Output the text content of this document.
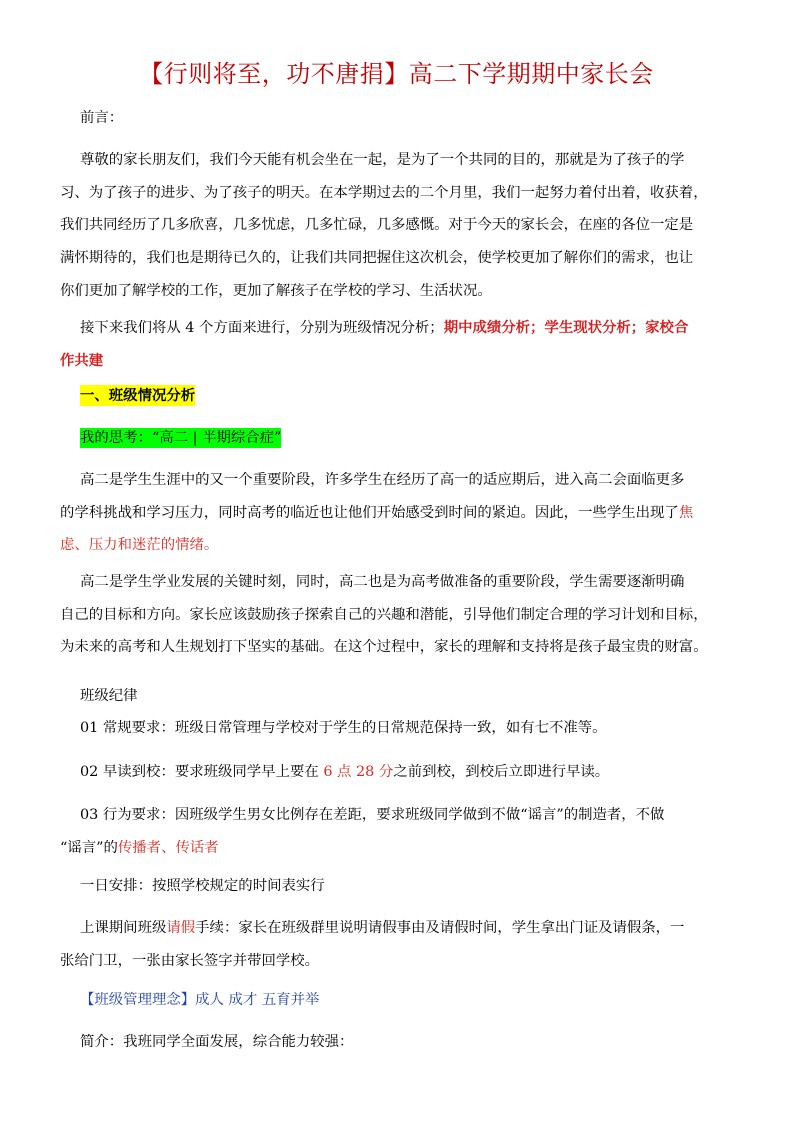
【行则将至，功不唐捐】高二下学期期中家长会
前言：
尊敬的家长朋友们，我们今天能有机会坐在一起，是为了一个共同的目的，那就是为了孩子的学
习、为了孩子的进步、为了孩子的明天。在本学期过去的二个月里，我们一起努力着付出着，收获着，
我们共同经历了几多欣喜，几多忧虑，几多忙碌，几多感慨。对于今天的家长会，在座的各位一定是
满怀期待的，我们也是期待已久的，让我们共同把握住这次机会，使学校更加了解你们的需求，也让
你们更加了解学校的工作，更加了解孩子在学校的学习、生活状况。
接下来我们将从 4 个方面来进行，分别为班级情况分析；期中成绩分析；学生现状分析；家校合
作共建
一、班级情况分析
我的思考：“高二 | 半期综合症”
高二是学生生涯中的又一个重要阶段，许多学生在经历了高一的适应期后，进入高二会面临更多
的学科挑战和学习压力，同时高考的临近也让他们开始感受到时间的紧迫。因此，一些学生出现了焦
虑、压力和迷茫的情绪。
高二是学生学业发展的关键时刻，同时，高二也是为高考做准备的重要阶段，学生需要逐渐明确
自己的目标和方向。家长应该鼓励孩子探索自己的兴趣和潜能，引导他们制定合理的学习计划和目标，
为未来的高考和人生规划打下坚实的基础。在这个过程中，家长的理解和支持将是孩子最宝贵的财富。
班级纪律
01 常规要求：班级日常管理与学校对于学生的日常规范保持一致，如有七不准等。
02 早读到校：要求班级同学早上要在 6 点 28 分之前到校，到校后立即进行早读。
03 行为要求：因班级学生男女比例存在差距，要求班级同学做到不做“谣言”的制造者，不做
“谣言”的传播者、传话者
一日安排：按照学校规定的时间表实行
上课期间班级请假手续：家长在班级群里说明请假事由及请假时间，学生拿出门证及请假条，一
张给门卫，一张由家长签字并带回学校。
【班级管理理念】成人 成才 五育并举
简介：我班同学全面发展，综合能力较强：
